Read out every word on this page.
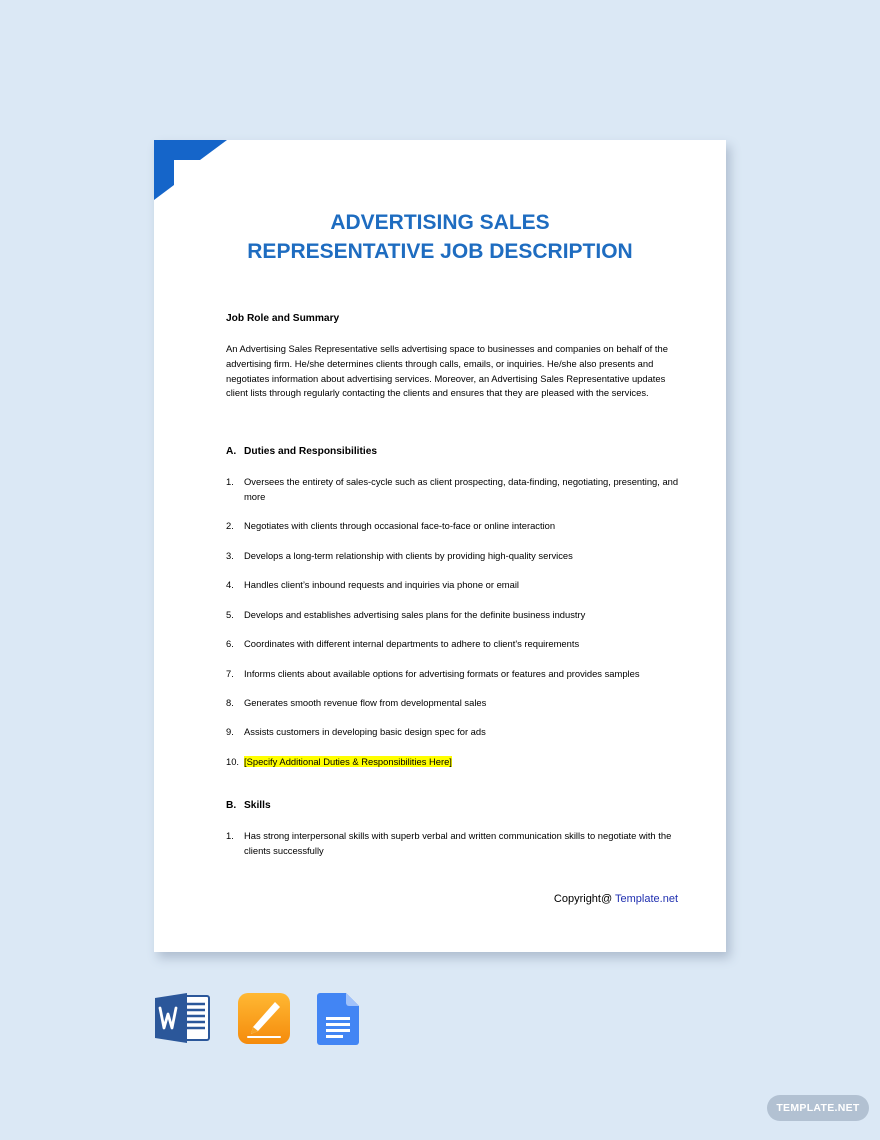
ADVERTISING SALES
REPRESENTATIVE JOB DESCRIPTION
Job Role and Summary
An Advertising Sales Representative sells advertising space to businesses and companies on behalf of the advertising firm. He/she determines clients through calls, emails, or inquiries. He/she also presents and negotiates information about advertising services. Moreover, an Advertising Sales Representative updates client lists through regularly contacting the clients and ensures that they are pleased with the services.
A. Duties and Responsibilities
1.	Oversees the entirety of sales-cycle such as client prospecting, data-finding, negotiating, presenting, and more
2.	Negotiates with clients through occasional face-to-face or online interaction
3.	Develops a long-term relationship with clients by providing high-quality services
4.	Handles client’s inbound requests and inquiries via phone or email
5.	Develops and establishes advertising sales plans for the definite business industry
6.	Coordinates with different internal departments to adhere to client's requirements
7.	Informs clients about available options for advertising formats or features and provides samples
8.	Generates smooth revenue flow from developmental sales
9.	Assists customers in developing basic design spec for ads
10. [Specify Additional Duties & Responsibilities Here]
B. Skills
1.	Has strong interpersonal skills with superb verbal and written communication skills to negotiate with the clients successfully
Copyright@ Template.net
TEMPLATE.NET
